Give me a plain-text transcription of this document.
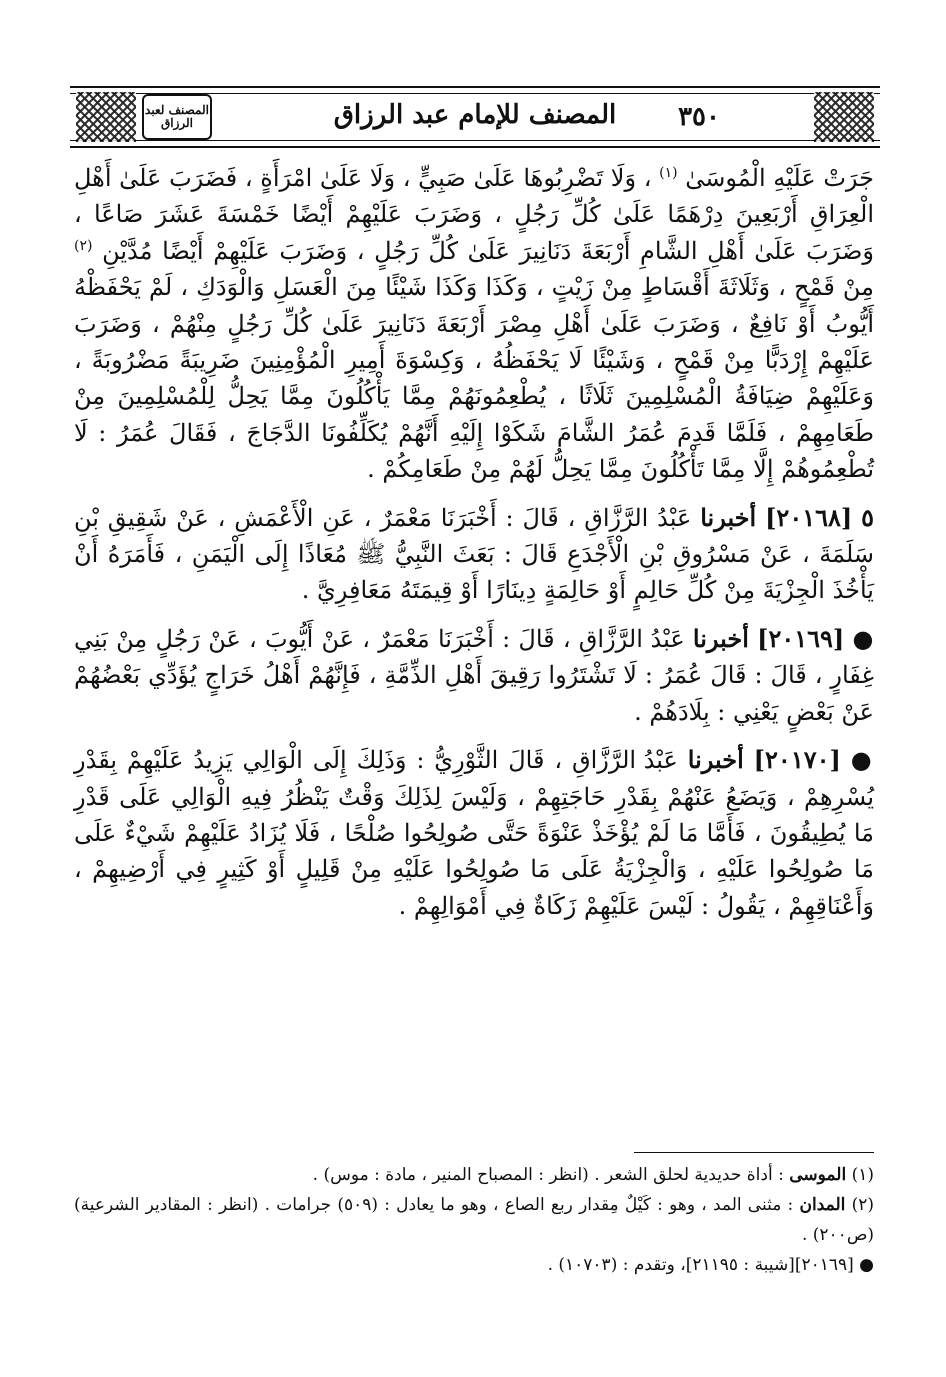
المصنف لعبد الرزاق	المصنف للإمام عبد الرزاق	٣٥٠

جَرَتْ عَلَيْهِ الْمُوسَىٰ $^{(١)}$ ، وَلَا تَضْرِبُوهَا عَلَىٰ صَبِيٍّ ، وَلَا عَلَىٰ امْرَأَةٍ ، فَضَرَبَ عَلَىٰ أَهْلِ الْعِرَاقِ أَرْبَعِينَ دِرْهَمًا عَلَىٰ كُلِّ رَجُلٍ ، وَضَرَبَ عَلَيْهِمْ أَيْضًا خَمْسَةَ عَشَرَ صَاعًا ، وَضَرَبَ عَلَىٰ أَهْلِ الشَّامِ أَرْبَعَةَ دَنَانِيرَ عَلَىٰ كُلِّ رَجُلٍ ، وَضَرَبَ عَلَيْهِمْ أَيْضًا مُدَّيْنِ $^{(٢)}$ مِنْ قَمْحٍ ، وَثَلَاثَةَ أَقْسَاطٍ مِنْ زَيْتٍ ، وَكَذَا وَكَذَا شَيْئًا مِنَ الْعَسَلِ وَالْوَدَكِ ، لَمْ يَحْفَظْهُ أَيُّوبُ أَوْ نَافِعٌ ، وَضَرَبَ عَلَىٰ أَهْلِ مِصْرَ أَرْبَعَةَ دَنَانِيرَ عَلَىٰ كُلِّ رَجُلٍ مِنْهُمْ ، وَضَرَبَ عَلَيْهِمْ إِرْدَبًّا مِنْ قَمْحٍ ، وَشَيْئًا لَا يَحْفَظُهُ ، وَكِسْوَةَ أَمِيرِ الْمُؤْمِنِينَ ضَرِيبَةً مَضْرُوبَةً ، وَعَلَيْهِمْ ضِيَافَةُ الْمُسْلِمِينَ ثَلَاثًا ، يُطْعِمُونَهُمْ مِمَّا يَأْكُلُونَ مِمَّا يَحِلُّ لِلْمُسْلِمِينَ مِنْ طَعَامِهِمْ ، فَلَمَّا قَدِمَ عُمَرُ الشَّامَ شَكَوْا إِلَيْهِ أَنَّهُمْ يُكَلِّفُونَا الدَّجَاجَ ، فَقَالَ عُمَرُ : لَا تُطْعِمُوهُمْ إِلَّا مِمَّا تَأْكُلُونَ مِمَّا يَحِلُّ لَهُمْ مِنْ طَعَامِكُمْ .

٥ [٢٠١٦٨] أخبرنا عَبْدُ الرَّزَّاقِ ، قَالَ : أَخْبَرَنَا مَعْمَرٌ ، عَنِ الْأَعْمَشِ ، عَنْ شَقِيقِ بْنِ سَلَمَةَ ، عَنْ مَسْرُوقِ بْنِ الْأَجْدَعِ قَالَ : بَعَثَ النَّبِيُّ ﷺ مُعَاذًا إِلَى الْيَمَنِ ، فَأَمَرَهُ أَنْ يَأْخُذَ الْجِزْيَةَ مِنْ كُلِّ حَالِمٍ أَوْ حَالِمَةٍ دِينَارًا أَوْ قِيمَتَهُ مَعَافِرِيَّ .

● [٢٠١٦٩] أخبرنا عَبْدُ الرَّزَّاقِ ، قَالَ : أَخْبَرَنَا مَعْمَرٌ ، عَنْ أَيُّوبَ ، عَنْ رَجُلٍ مِنْ بَنِي غِفَارٍ ، قَالَ : قَالَ عُمَرُ : لَا تَشْتَرُوا رَقِيقَ أَهْلِ الذِّمَّةِ ، فَإِنَّهُمْ أَهْلُ خَرَاجٍ يُؤَدِّي بَعْضُهُمْ عَنْ بَعْضٍ يَعْنِي : بِلَادَهُمْ .

● [٢٠١٧٠] أخبرنا عَبْدُ الرَّزَّاقِ ، قَالَ الثَّوْرِيُّ : وَذَلِكَ إِلَى الْوَالِي يَزِيدُ عَلَيْهِمْ بِقَدْرِ يُسْرِهِمْ ، وَيَضَعُ عَنْهُمْ بِقَدْرِ حَاجَتِهِمْ ، وَلَيْسَ لِذَلِكَ وَقْتٌ يَنْظُرُ فِيهِ الْوَالِي عَلَى قَدْرِ مَا يُطِيقُونَ ، فَأَمَّا مَا لَمْ يُؤْخَذْ عَنْوَةً حَتَّى صُولِحُوا صُلْحًا ، فَلَا يُزَادُ عَلَيْهِمْ شَيْءٌ عَلَى مَا صُولِحُوا عَلَيْهِ ، وَالْجِزْيَةُ عَلَى مَا صُولِحُوا عَلَيْهِ مِنْ قَلِيلٍ أَوْ كَثِيرٍ فِي أَرْضِيهِمْ ، وَأَعْنَاقِهِمْ ، يَقُولُ : لَيْسَ عَلَيْهِمْ زَكَاةٌ فِي أَمْوَالِهِمْ .

(١) الموسى : أداة حديدية لحلق الشعر . (انظر : المصباح المنير ، مادة : موس) .

(٢) المدان : مثنى المد ، وهو : كَيْلٌ مِقدار ربع الصاع ، وهو ما يعادل : (٥٠٩) جرامات . (انظر : المقادير الشرعية) (ص٢٠٠) .

● [٢٠١٦٩][شيبة : ٢١١٩٥]، وتقدم : (١٠٧٠٣) .
